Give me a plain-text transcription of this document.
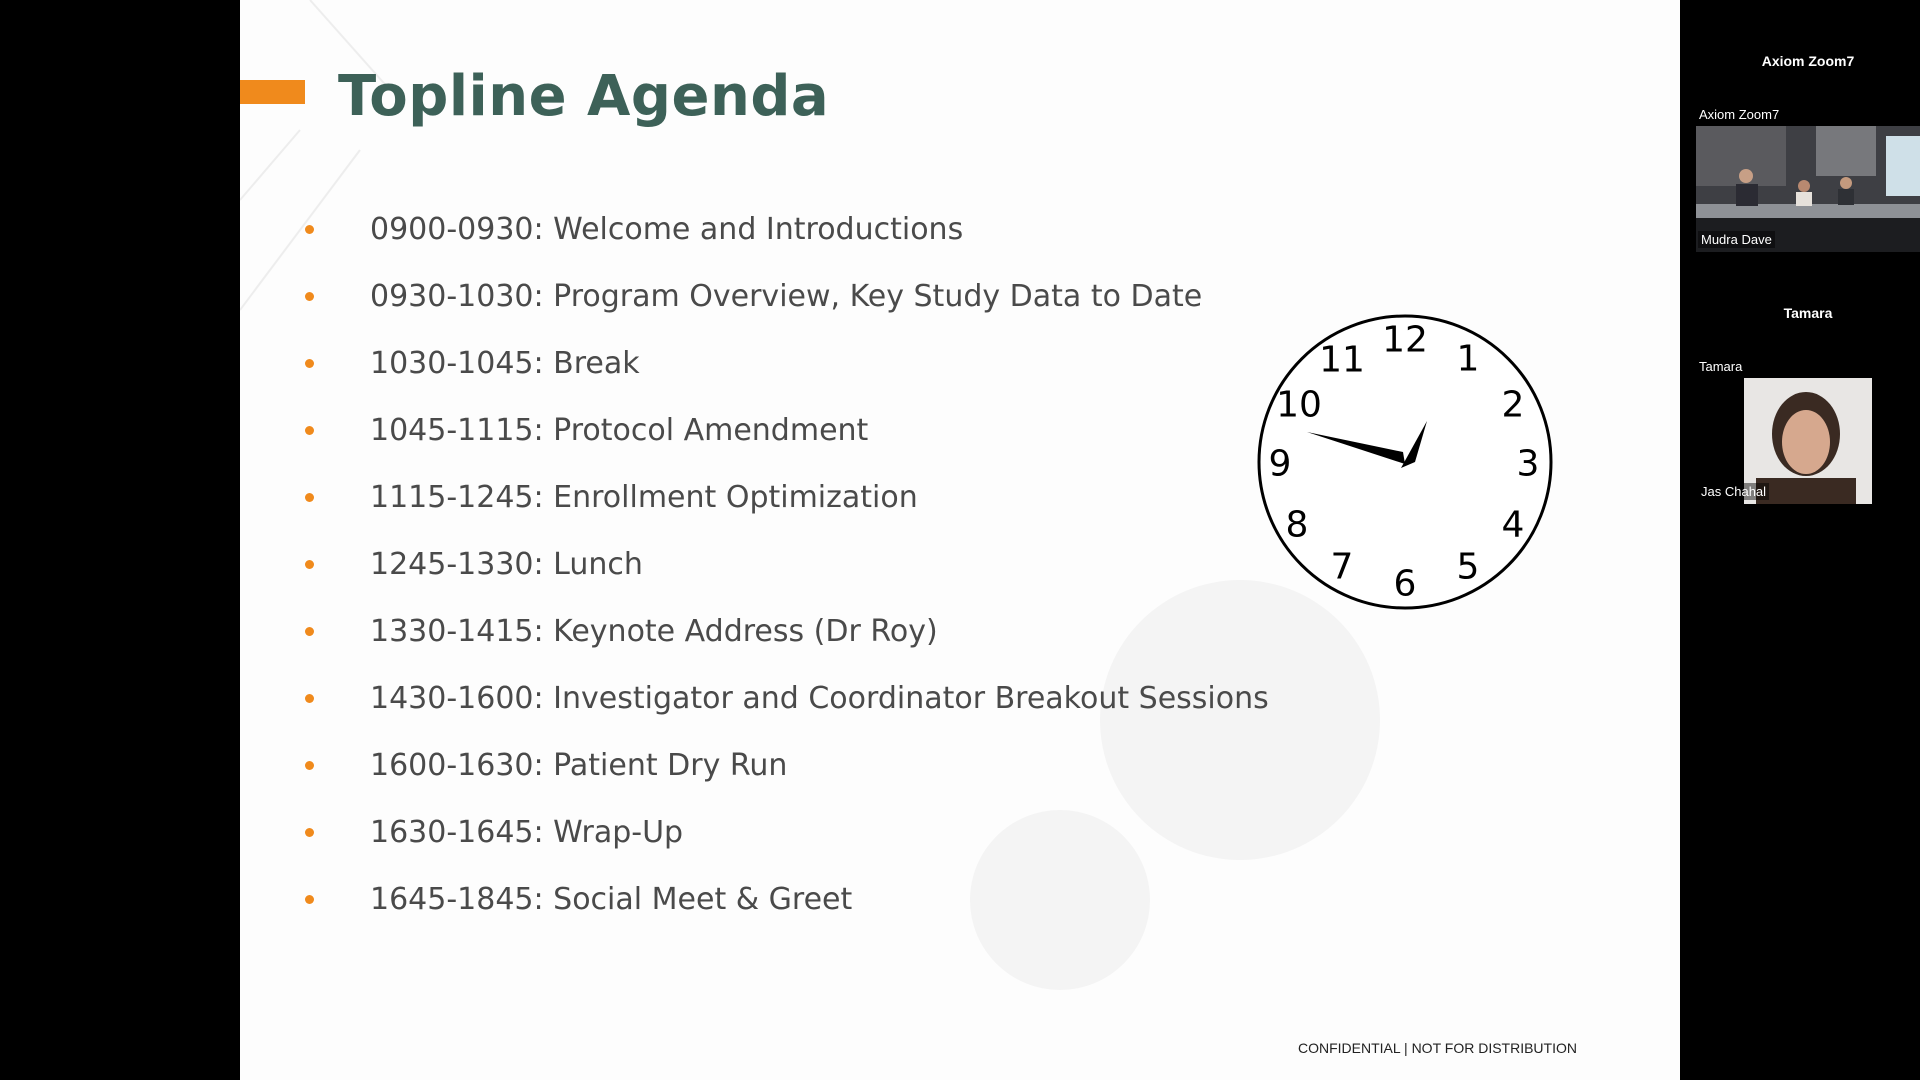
Topline Agenda
0900-0930: Welcome and Introductions
0930-1030: Program Overview, Key Study Data to Date
1030-1045: Break
1045-1115: Protocol Amendment
1115-1245: Enrollment Optimization
1245-1330: Lunch
1330-1415: Keynote Address (Dr Roy)
1430-1600: Investigator and Coordinator Breakout Sessions
1600-1630: Patient Dry Run
1630-1645: Wrap-Up
1645-1845: Social Meet & Greet
12 1
2
3
4
5
6
7
8
9
10
11
CONFIDENTIAL | NOT FOR DISTRIBUTION
Axiom Zoom7
Axiom Zoom7
Mudra Dave
Tamara
Tamara
Jas Chahal
